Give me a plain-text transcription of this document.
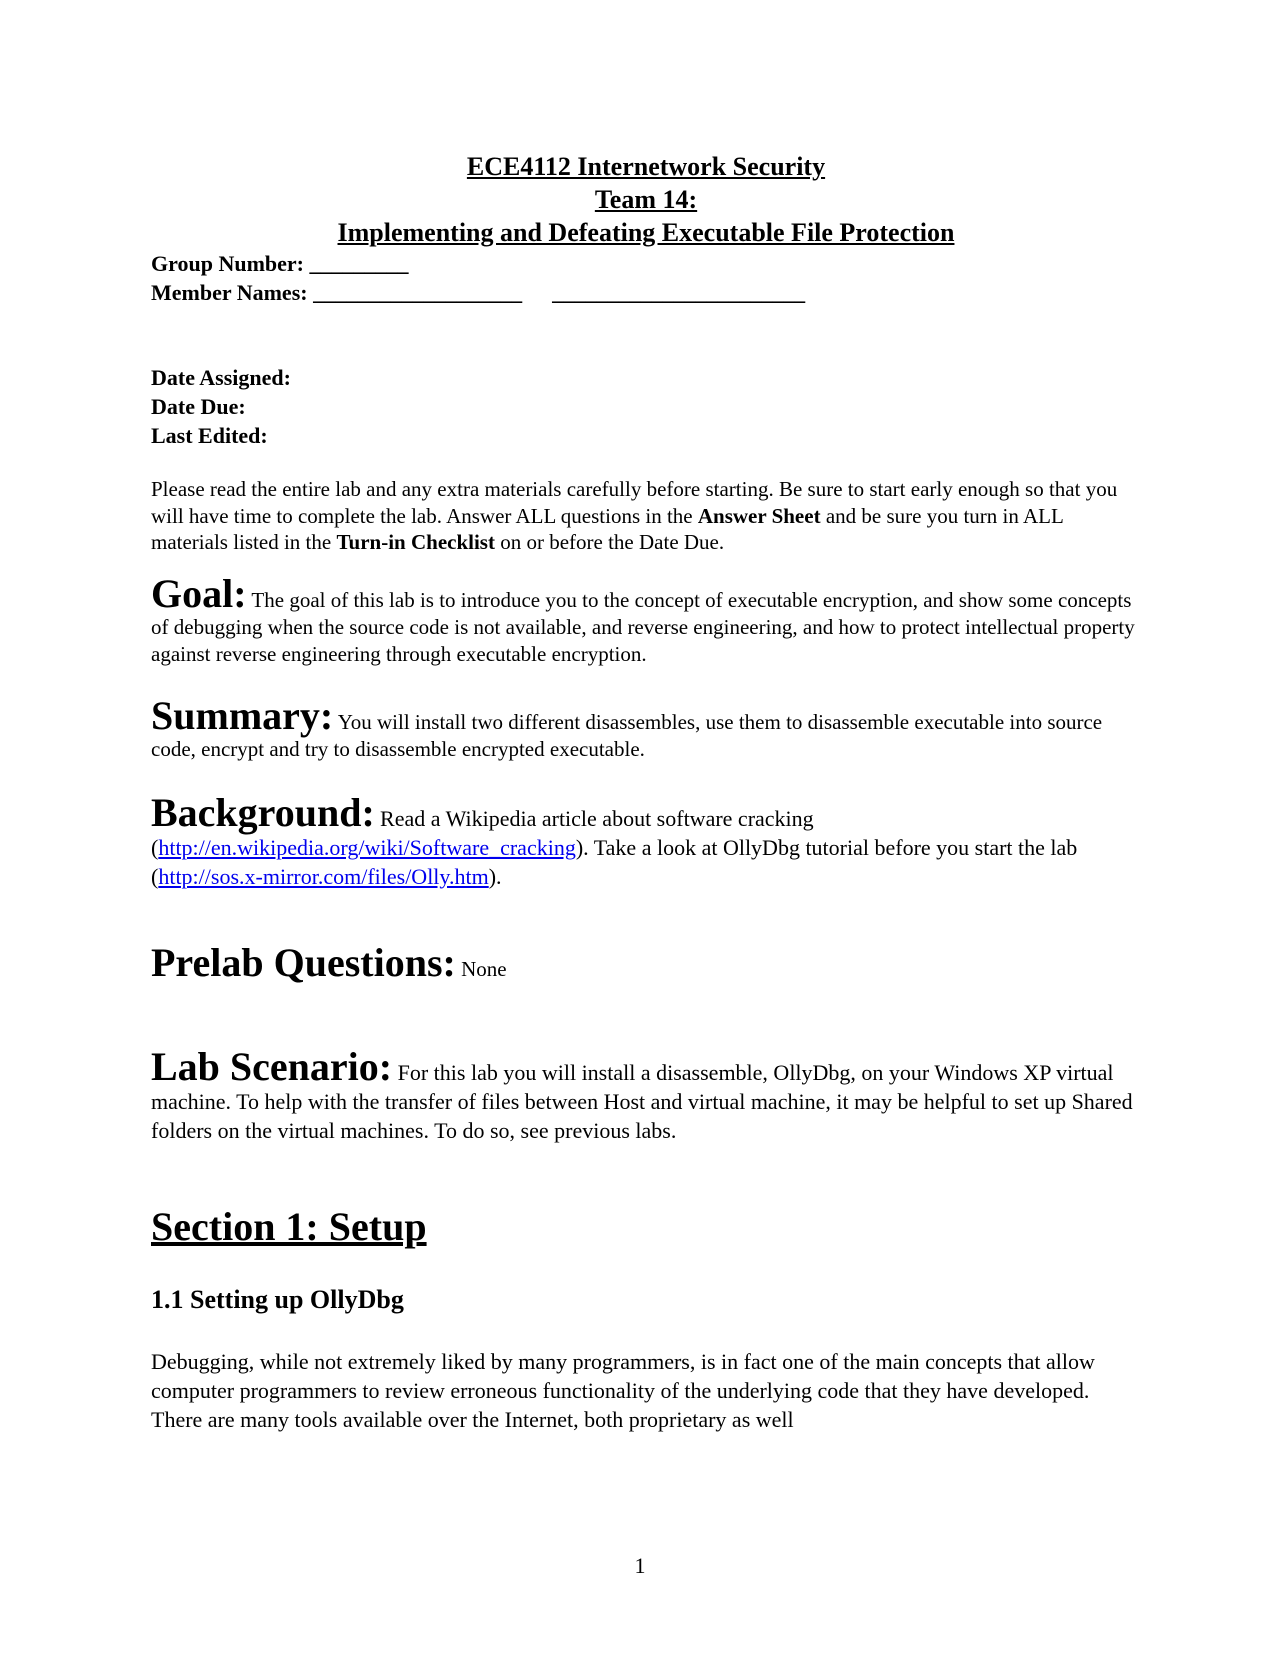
ECE4112 Internetwork Security
Team 14:
Implementing and Defeating Executable File Protection
Group Number: _________
Member Names: ___________________ _______________________
Date Assigned:
Date Due:
Last Edited:
Please read the entire lab and any extra materials carefully before starting. Be sure to start early enough so that you will have time to complete the lab. Answer ALL questions in the Answer Sheet and be sure you turn in ALL materials listed in the Turn-in Checklist on or before the Date Due.
Goal: The goal of this lab is to introduce you to the concept of executable encryption, and show some concepts of debugging when the source code is not available, and reverse engineering, and how to protect intellectual property against reverse engineering through executable encryption.
Summary: You will install two different disassembles, use them to disassemble executable into source code, encrypt and try to disassemble encrypted executable.
Background: Read a Wikipedia article about software cracking (http://en.wikipedia.org/wiki/Software_cracking). Take a look at OllyDbg tutorial before you start the lab (http://sos.x-mirror.com/files/Olly.htm).
Prelab Questions: None
Lab Scenario: For this lab you will install a disassemble, OllyDbg, on your Windows XP virtual machine. To help with the transfer of files between Host and virtual machine, it may be helpful to set up Shared folders on the virtual machines. To do so, see previous labs.
Section 1: Setup
1.1 Setting up OllyDbg
Debugging, while not extremely liked by many programmers, is in fact one of the main concepts that allow computer programmers to review erroneous functionality of the underlying code that they have developed. There are many tools available over the Internet, both proprietary as well
1
